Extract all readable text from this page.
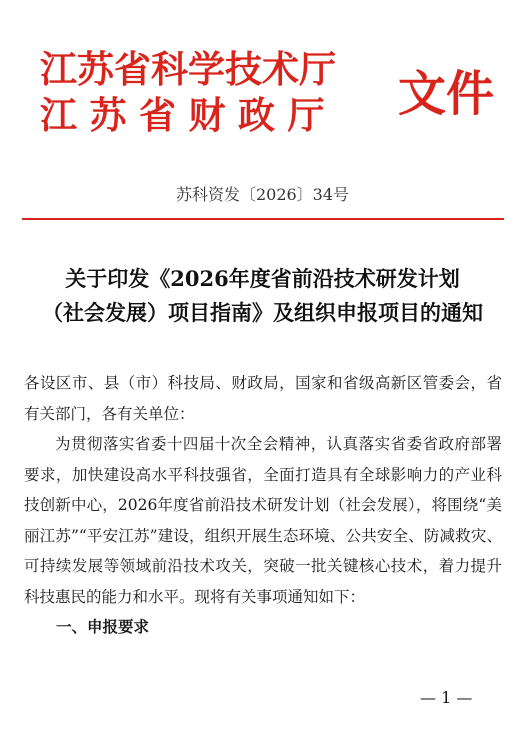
江苏省科学技术厅
江苏省财政厅	文件
苏科资发〔2026〕34号
关于印发《2026年度省前沿技术研发计划
（社会发展）项目指南》及组织申报项目的通知

各设区市、县（市）科技局、财政局，国家和省级高新区管委会，省有关部门，各有关单位：

为贯彻落实省委十四届十次全会精神，认真落实省委省政府部署要求，加快建设高水平科技强省，全面打造具有全球影响力的产业科技创新中心，2026年度省前沿技术研发计划（社会发展），将围绕“美丽江苏”“平安江苏”建设，组织开展生态环境、公共安全、防减救灾、可持续发展等领域前沿技术攻关，突破一批关键核心技术，着力提升科技惠民的能力和水平。现将有关事项通知如下：

一、申报要求

— 1 —
